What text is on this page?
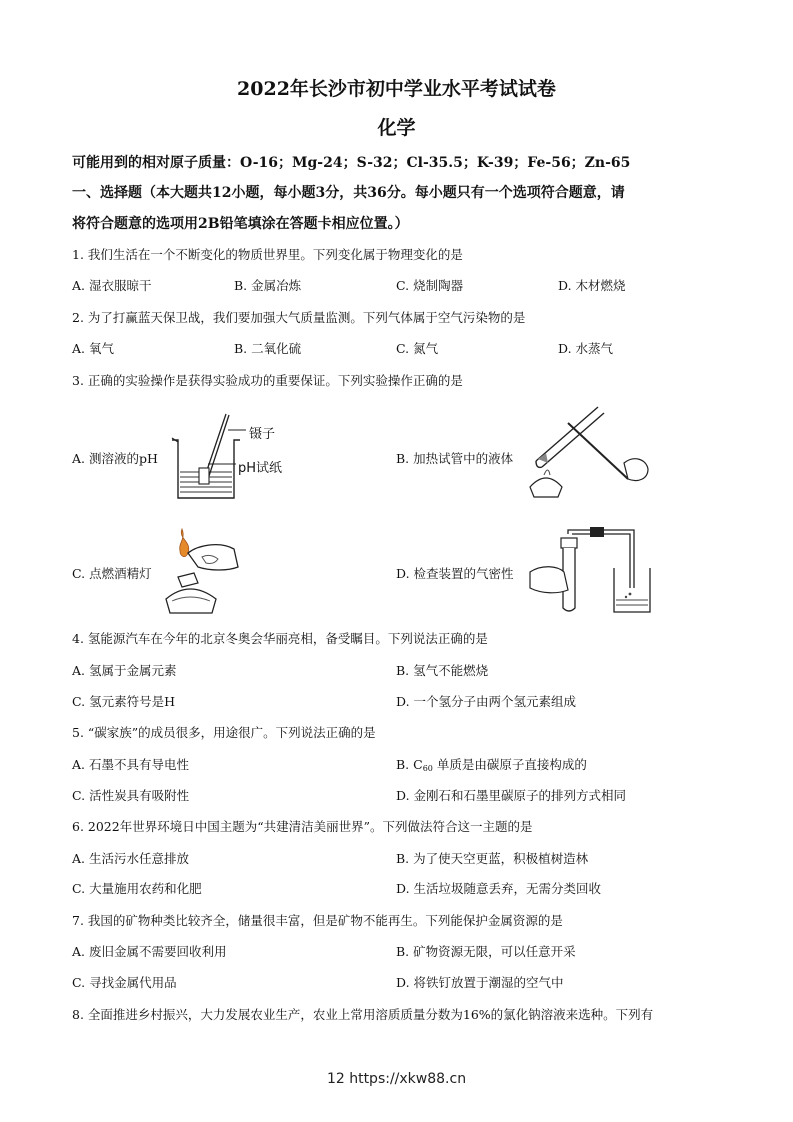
2022年长沙市初中学业水平考试试卷
化学
可能用到的相对原子质量：O-16；Mg-24；S-32；Cl-35.5；K-39；Fe-56；Zn-65
一、选择题（本大题共12小题，每小题3分，共36分。每小题只有一个选项符合题意，请
将符合题意的选项用2B铅笔填涂在答题卡相应位置。）
1. 我们生活在一个不断变化的物质世界里。下列变化属于物理变化的是
A. 湿衣服晾干	B. 金属冶炼	C. 烧制陶器	D. 木材燃烧
2. 为了打赢蓝天保卫战，我们要加强大气质量监测。下列气体属于空气污染物的是
A. 氧气	B. 二氧化硫	C. 氮气	D. 水蒸气
3. 正确的实验操作是获得实验成功的重要保证。下列实验操作正确的是
A. 测溶液的pH
镊子
pH试纸
B. 加热试管中的液体
C. 点燃酒精灯	D. 检查装置的气密性
4. 氢能源汽车在今年的北京冬奥会华丽亮相，备受瞩目。下列说法正确的是
A. 氢属于金属元素	B. 氢气不能燃烧
C. 氢元素符号是H	D. 一个氢分子由两个氢元素组成
5. “碳家族”的成员很多，用途很广。下列说法正确的是
A. 石墨不具有导电性	B. $C_{60}$ 单质是由碳原子直接构成的
C. 活性炭具有吸附性	D. 金刚石和石墨里碳原子的排列方式相同
6. 2022年世界环境日中国主题为“共建清洁美丽世界”。下列做法符合这一主题的是
A. 生活污水任意排放	B. 为了使天空更蓝，积极植树造林
C. 大量施用农药和化肥	D. 生活垃圾随意丢弃，无需分类回收
7. 我国的矿物种类比较齐全，储量很丰富，但是矿物不能再生。下列能保护金属资源的是
A. 废旧金属不需要回收利用	B. 矿物资源无限，可以任意开采
C. 寻找金属代用品	D. 将铁钉放置于潮湿的空气中
8. 全面推进乡村振兴，大力发展农业生产，农业上常用溶质质量分数为16%的氯化钠溶液来选种。下列有
12 https://xkw88.cn
